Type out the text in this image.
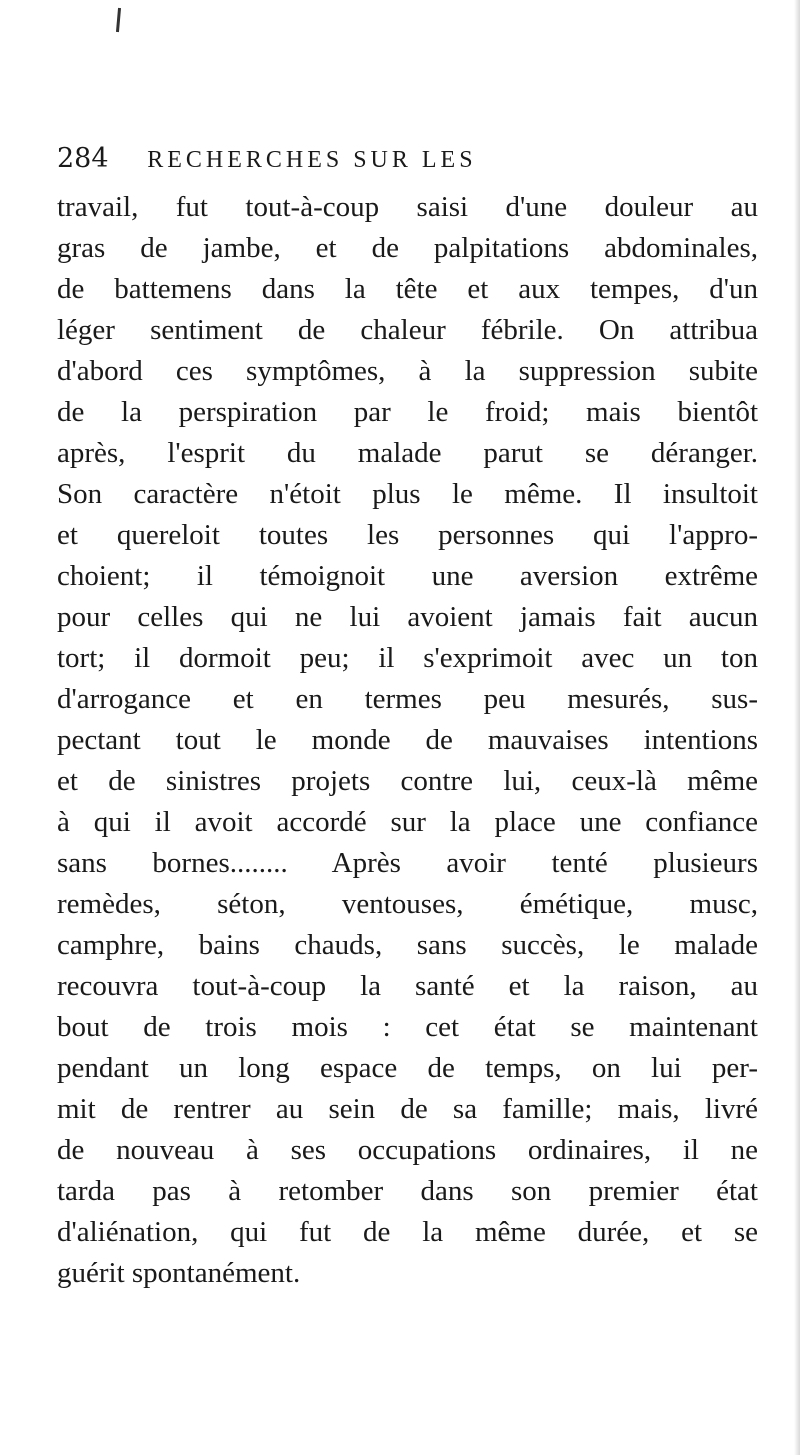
284 RECHERCHES SUR LES
travail, fut tout-à-coup saisi d'une douleur au
gras de jambe, et de palpitations abdominales,
de battemens dans la tête et aux tempes, d'un
léger sentiment de chaleur fébrile. On attribua
d'abord ces symptômes, à la suppression subite
de la perspiration par le froid; mais bientôt
après, l'esprit du malade parut se déranger.
Son caractère n'étoit plus le même. Il insultoit
et quereloit toutes les personnes qui l'appro-
choient; il témoignoit une aversion extrême
pour celles qui ne lui avoient jamais fait aucun
tort; il dormoit peu; il s'exprimoit avec un ton
d'arrogance et en termes peu mesurés, sus-
pectant tout le monde de mauvaises intentions
et de sinistres projets contre lui, ceux-là même
à qui il avoit accordé sur la place une confiance
sans bornes........ Après avoir tenté plusieurs
remèdes, séton, ventouses, émétique, musc,
camphre, bains chauds, sans succès, le malade
recouvra tout-à-coup la santé et la raison, au
bout de trois mois : cet état se maintenant
pendant un long espace de temps, on lui per-
mit de rentrer au sein de sa famille; mais, livré
de nouveau à ses occupations ordinaires, il ne
tarda pas à retomber dans son premier état
d'aliénation, qui fut de la même durée, et se
guérit spontanément.
